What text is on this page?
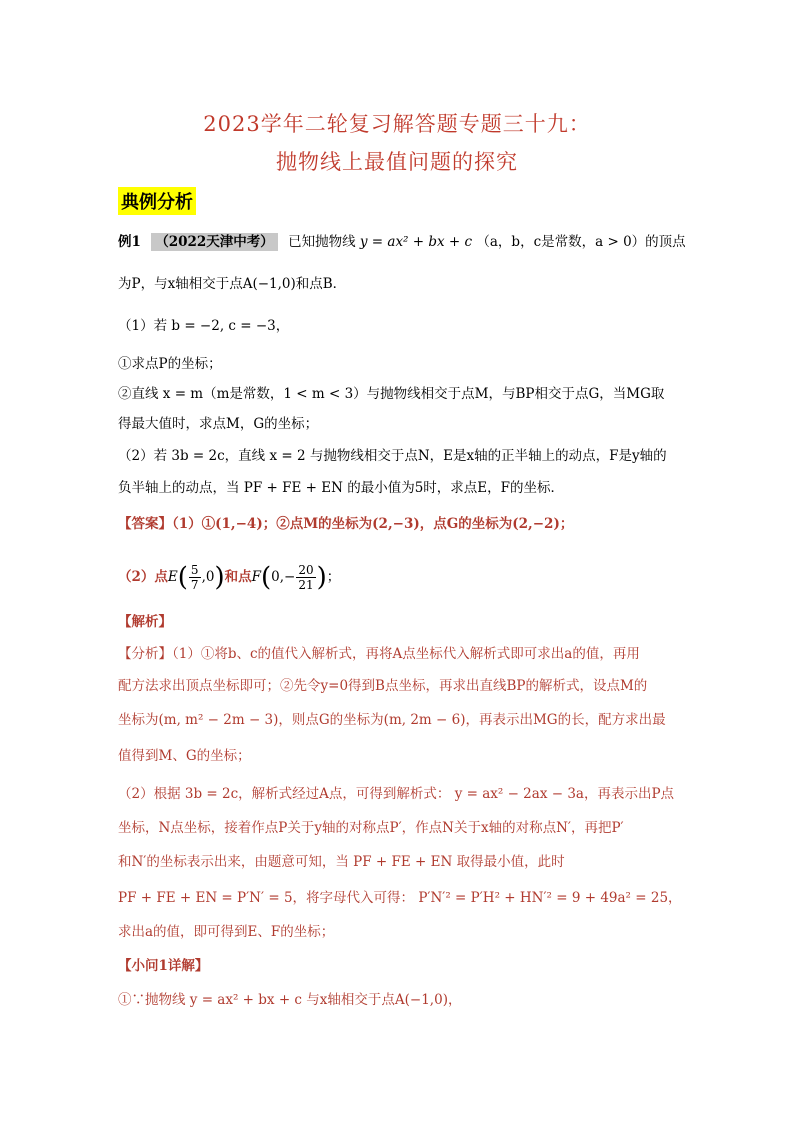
2023学年二轮复习解答题专题三十九：
抛物线上最值问题的探究
典例分析
例1 （2022天津中考） 已知抛物线 y = ax² + bx + c （a，b，c是常数，a > 0）的顶点
为P，与x轴相交于点A(−1,0)和点B．
（1）若 b = −2, c = −3，
①求点P的坐标；
②直线 x = m（m是常数，1 < m < 3）与抛物线相交于点M，与BP相交于点G，当MG取
得最大值时，求点M，G的坐标；
（2）若 3b = 2c，直线 x = 2 与抛物线相交于点N，E是x轴的正半轴上的动点，F是y轴的
负半轴上的动点，当 PF + FE + EN 的最小值为5时，求点E，F的坐标．
【答案】（1）①(1,−4)；②点M的坐标为(2,−3)，点G的坐标为(2,−2)；
（2）点$E( \frac{5}{7} ,0)$和点$F(0,- \frac{20}{21}$ )；
【解析】
【分析】（1）①将b、c的值代入解析式，再将A点坐标代入解析式即可求出a的值，再用
配方法求出顶点坐标即可；②先令y=0得到B点坐标，再求出直线BP的解析式，设点M的
坐标为(m, m² − 2m − 3)，则点G的坐标为(m, 2m − 6)，再表示出MG的长，配方求出最
值得到M、G的坐标；
（2）根据 3b = 2c，解析式经过A点，可得到解析式： y = ax² − 2ax − 3a，再表示出P点
坐标，N点坐标，接着作点P关于y轴的对称点P′，作点N关于x轴的对称点N′，再把P′
和N′的坐标表示出来，由题意可知，当 PF + FE + EN 取得最小值，此时
PF + FE + EN = P′N′ = 5，将字母代入可得： P′N′² = P′H² + HN′² = 9 + 49a² = 25，
求出a的值，即可得到E、F的坐标；
【小问1详解】
①∵抛物线 y = ax² + bx + c 与x轴相交于点A(−1,0)，
